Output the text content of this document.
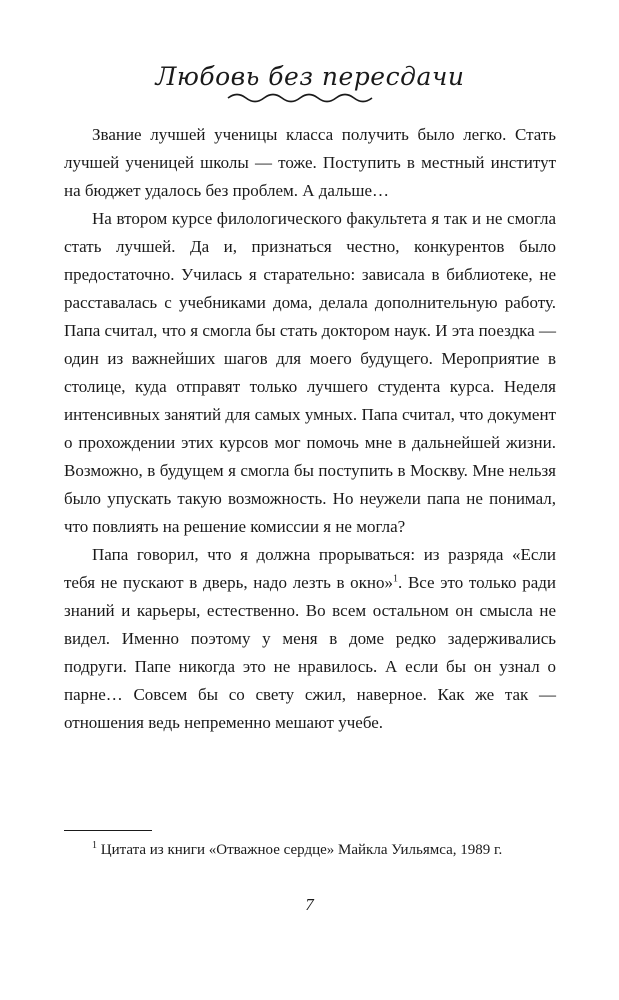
Любовь без пересдачи

Звание лучшей ученицы класса получить было легко. Стать лучшей ученицей школы — тоже. Поступить в местный институт на бюджет удалось без проблем. А дальше…

На втором курсе филологического факультета я так и не смогла стать лучшей. Да и, признаться честно, конкурентов было предостаточно. Училась я старательно: зависала в библиотеке, не расставалась с учебниками дома, делала дополнительную работу. Папа считал, что я смогла бы стать доктором наук. И эта поездка — один из важнейших шагов для моего будущего. Мероприятие в столице, куда отправят только лучшего студента курса. Неделя интенсивных занятий для самых умных. Папа считал, что документ о прохождении этих курсов мог помочь мне в дальнейшей жизни. Возможно, в будущем я смогла бы поступить в Москву. Мне нельзя было упускать такую возможность. Но неужели папа не понимал, что повлиять на решение комиссии я не могла?

Папа говорил, что я должна прорываться: из разряда «Если тебя не пускают в дверь, надо лезть в окно»$^1$. Все это только ради знаний и карьеры, естественно. Во всем остальном он смысла не видел. Именно поэтому у меня в доме редко задерживались подруги. Папе никогда это не нравилось. А если бы он узнал о парне… Совсем бы со свету сжил, наверное. Как же так — отношения ведь непременно мешают учебе.

$^1$ Цитата из книги «Отважное сердце» Майкла Уильямса, 1989 г.
7
